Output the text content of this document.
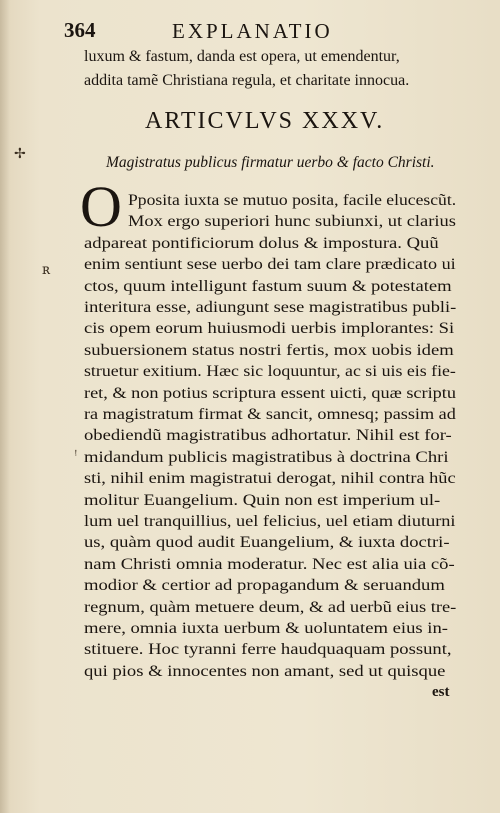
364	EXPLANATIO
luxum & fastum, danda est opera, ut emendentur,
addita tamẽ Christiana regula, et charitate innocua.
ARTICVLVS XXXV.
Magistratus publicus firmatur uerbo & facto Christi.
✢
ʀ
ꜝ
O Pposita iuxta se mutuo posita, facile elucescũt.
Mox ergo superiori hunc subiunxi, ut clarius
adpareat pontificiorum dolus & impostura. Quũ
enim sentiunt sese uerbo dei tam clare prædicato ui
ctos, quum intelligunt fastum suum & potestatem
interitura esse, adiungunt sese magistratibus publi-
cis opem eorum huiusmodi uerbis implorantes: Si
subuersionem status nostri fertis, mox uobis idem
struetur exitium. Hæc sic loquuntur, ac si uis eis fie-
ret, & non potius scriptura essent uicti, quæ scriptu
ra magistratum firmat & sancit, omnesq; passim ad
obediendũ magistratibus adhortatur. Nihil est for-
midandum publicis magistratibus à doctrina Chri
sti, nihil enim magistratui derogat, nihil contra hũc
molitur Euangelium. Quin non est imperium ul-
lum uel tranquillius, uel felicius, uel etiam diuturni
us, quàm quod audit Euangelium, & iuxta doctri-
nam Christi omnia moderatur. Nec est alia uia cõ-
modior & certior ad propagandum & seruandum
regnum, quàm metuere deum, & ad uerbũ eius tre-
mere, omnia iuxta uerbum & uoluntatem eius in-
stituere. Hoc tyranni ferre haudquaquam possunt,
qui pios & innocentes non amant, sed ut quisque
est
